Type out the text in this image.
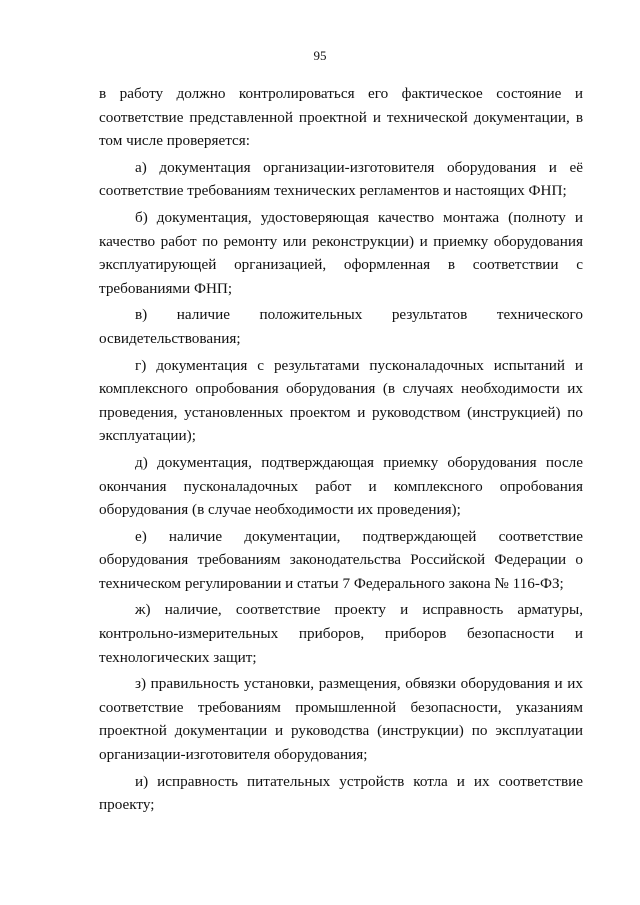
95

в работу должно контролироваться его фактическое состояние и соответствие представленной проектной и технической документации, в том числе проверяется:

а) документация организации-изготовителя оборудования и её соответствие требованиям технических регламентов и настоящих ФНП;

б) документация, удостоверяющая качество монтажа (полноту и качество работ по ремонту или реконструкции) и приемку оборудования эксплуатирующей организацией, оформленная в соответствии с требованиями ФНП;

в) наличие положительных результатов технического освидетельствования;

г) документация с результатами пусконаладочных испытаний и комплексного опробования оборудования (в случаях необходимости их проведения, установленных проектом и руководством (инструкцией) по эксплуатации);

д) документация, подтверждающая приемку оборудования после окончания пусконаладочных работ и комплексного опробования оборудования (в случае необходимости их проведения);

е) наличие документации, подтверждающей соответствие оборудования требованиям законодательства Российской Федерации о техническом регулировании и статьи 7 Федерального закона № 116-ФЗ;

ж) наличие, соответствие проекту и исправность арматуры, контрольно-измерительных приборов, приборов безопасности и технологических защит;

з) правильность установки, размещения, обвязки оборудования и их соответствие требованиям промышленной безопасности, указаниям проектной документации и руководства (инструкции) по эксплуатации организации-изготовителя оборудования;

и) исправность питательных устройств котла и их соответствие проекту;
